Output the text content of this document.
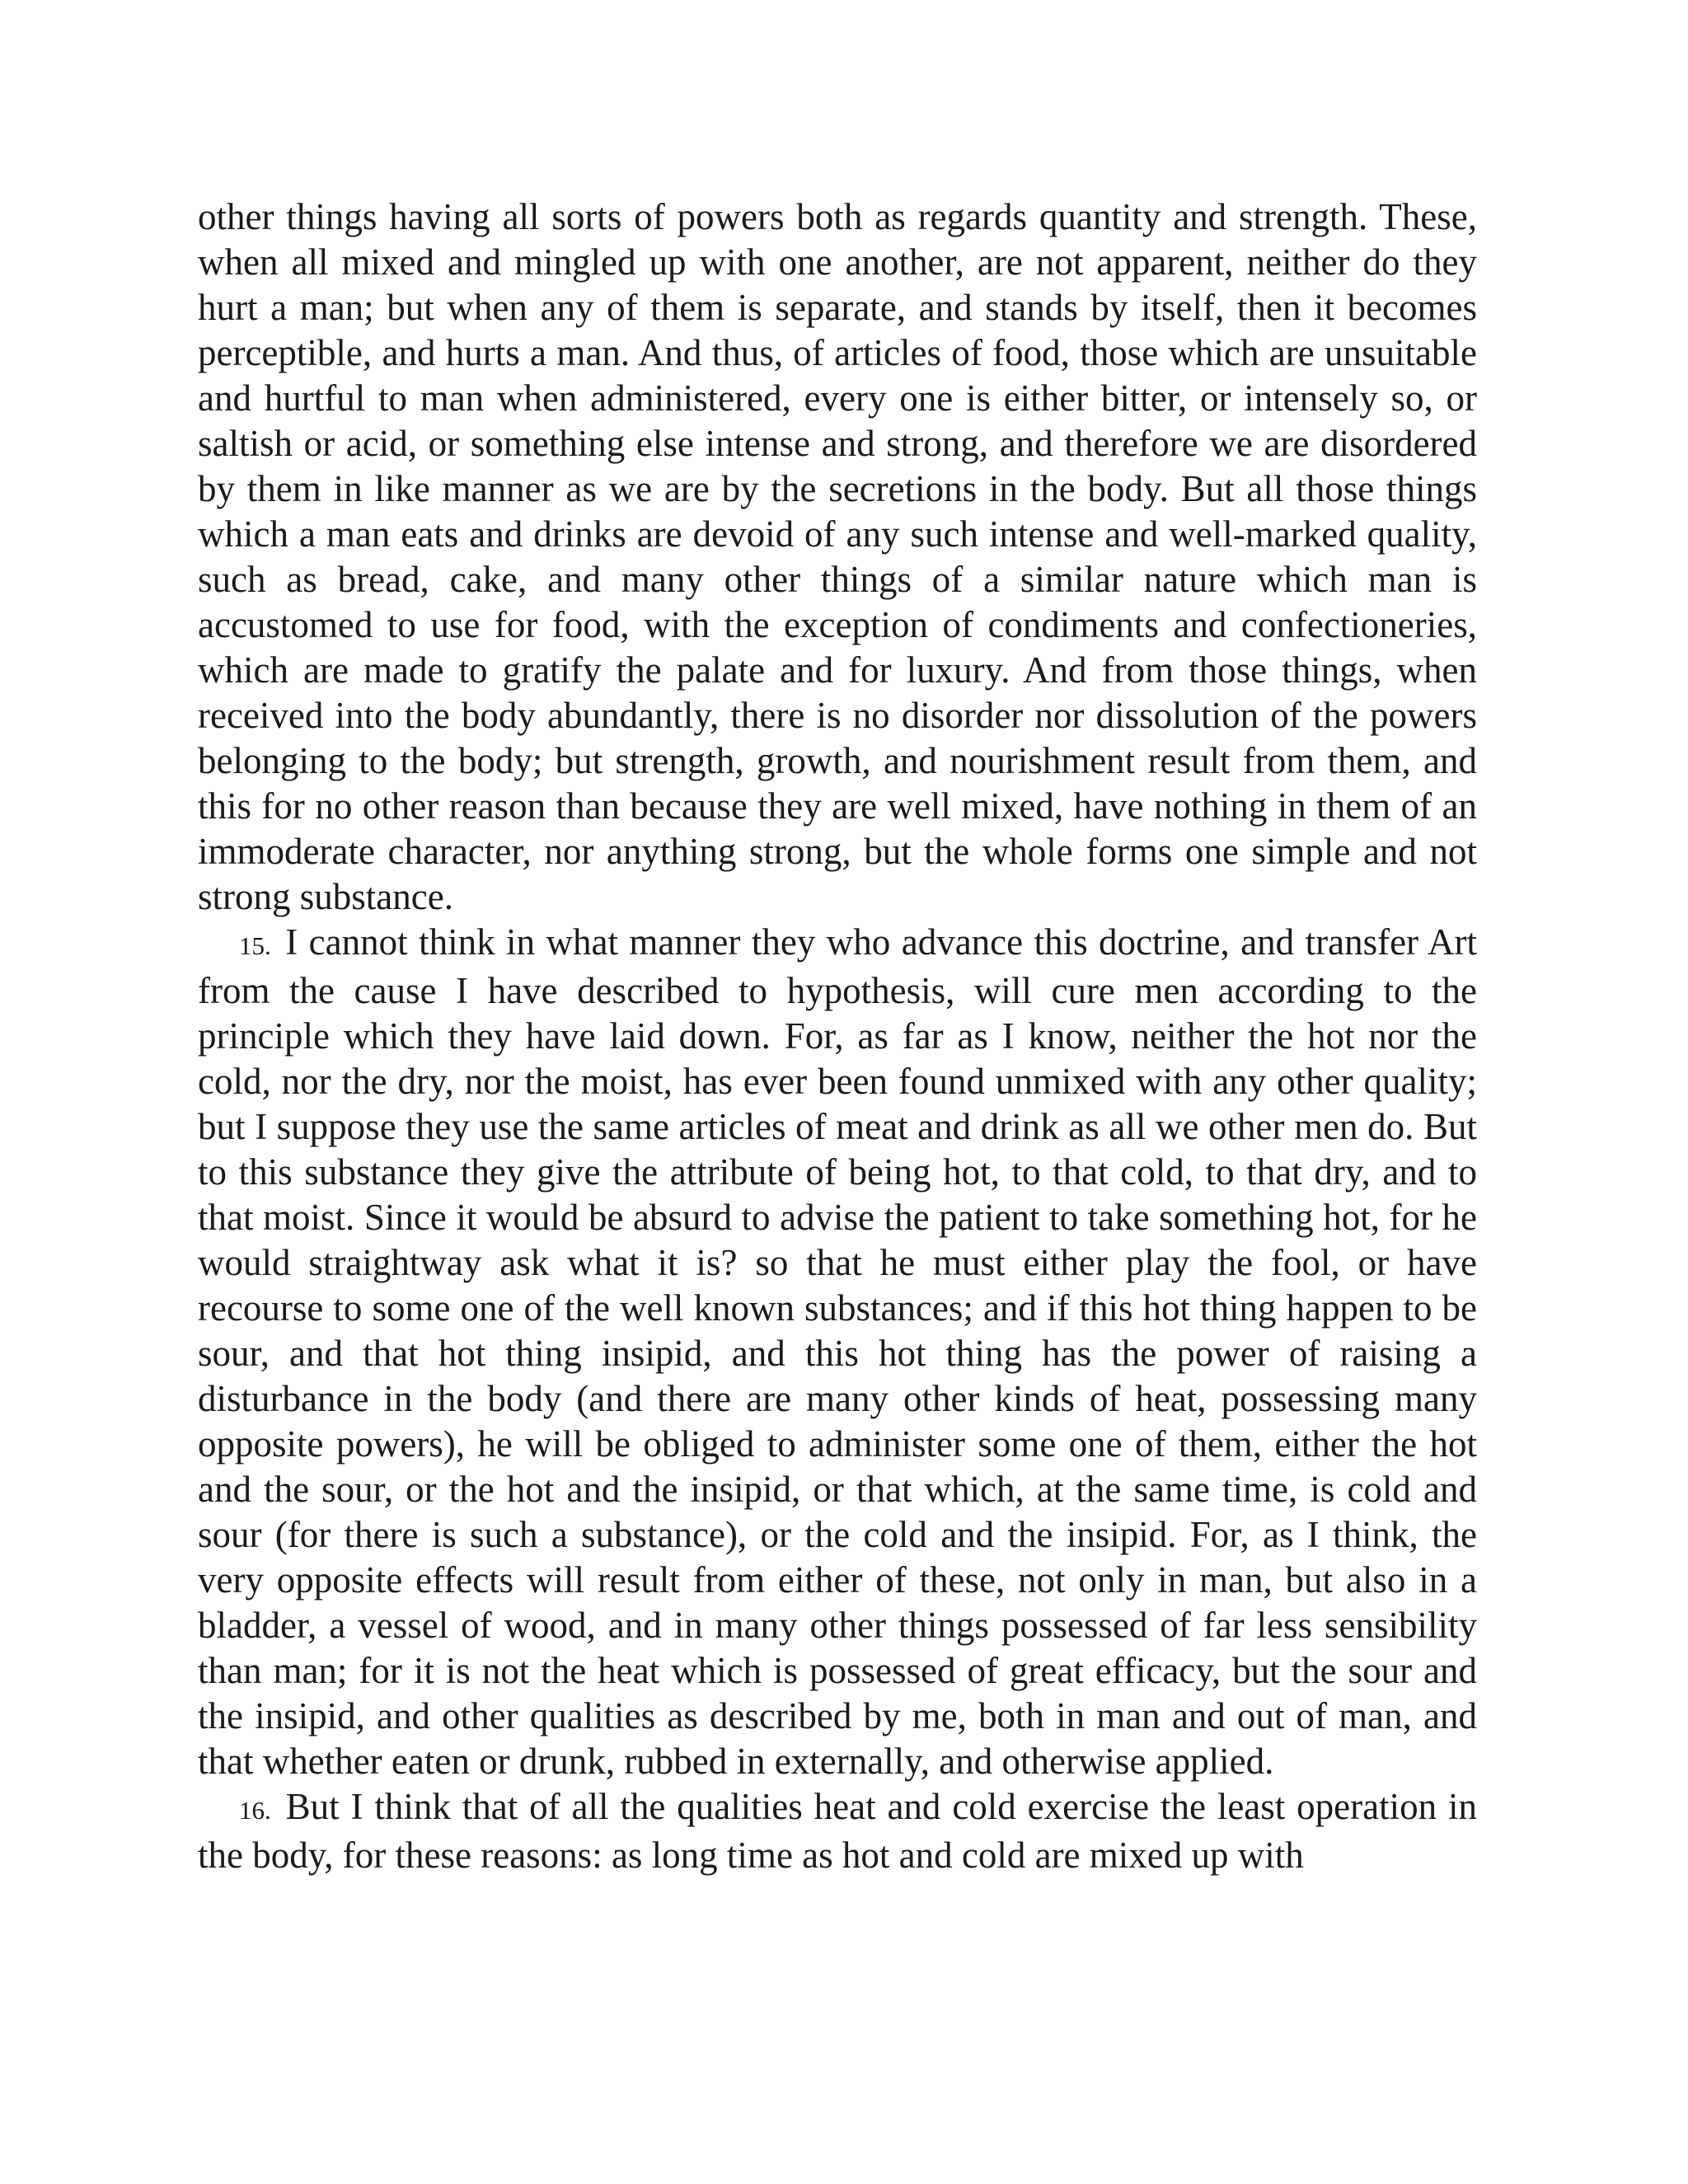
other things having all sorts of powers both as regards quantity and strength. These, when all mixed and mingled up with one another, are not apparent, neither do they hurt a man; but when any of them is separate, and stands by itself, then it becomes perceptible, and hurts a man. And thus, of articles of food, those which are unsuitable and hurtful to man when administered, every one is either bitter, or intensely so, or saltish or acid, or something else intense and strong, and therefore we are disordered by them in like manner as we are by the secretions in the body. But all those things which a man eats and drinks are devoid of any such intense and well-marked quality, such as bread, cake, and many other things of a similar nature which man is accustomed to use for food, with the exception of condiments and confectioneries, which are made to gratify the palate and for luxury. And from those things, when received into the body abundantly, there is no disorder nor dissolution of the powers belonging to the body; but strength, growth, and nourishment result from them, and this for no other reason than because they are well mixed, have nothing in them of an immoderate character, nor anything strong, but the whole forms one simple and not strong substance.

15. I cannot think in what manner they who advance this doctrine, and transfer Art from the cause I have described to hypothesis, will cure men according to the principle which they have laid down. For, as far as I know, neither the hot nor the cold, nor the dry, nor the moist, has ever been found unmixed with any other quality; but I suppose they use the same articles of meat and drink as all we other men do. But to this substance they give the attribute of being hot, to that cold, to that dry, and to that moist. Since it would be absurd to advise the patient to take something hot, for he would straightway ask what it is? so that he must either play the fool, or have recourse to some one of the well known substances; and if this hot thing happen to be sour, and that hot thing insipid, and this hot thing has the power of raising a disturbance in the body (and there are many other kinds of heat, possessing many opposite powers), he will be obliged to administer some one of them, either the hot and the sour, or the hot and the insipid, or that which, at the same time, is cold and sour (for there is such a substance), or the cold and the insipid. For, as I think, the very opposite effects will result from either of these, not only in man, but also in a bladder, a vessel of wood, and in many other things possessed of far less sensibility than man; for it is not the heat which is possessed of great efficacy, but the sour and the insipid, and other qualities as described by me, both in man and out of man, and that whether eaten or drunk, rubbed in externally, and otherwise applied.

16. But I think that of all the qualities heat and cold exercise the least operation in the body, for these reasons: as long time as hot and cold are mixed up with
